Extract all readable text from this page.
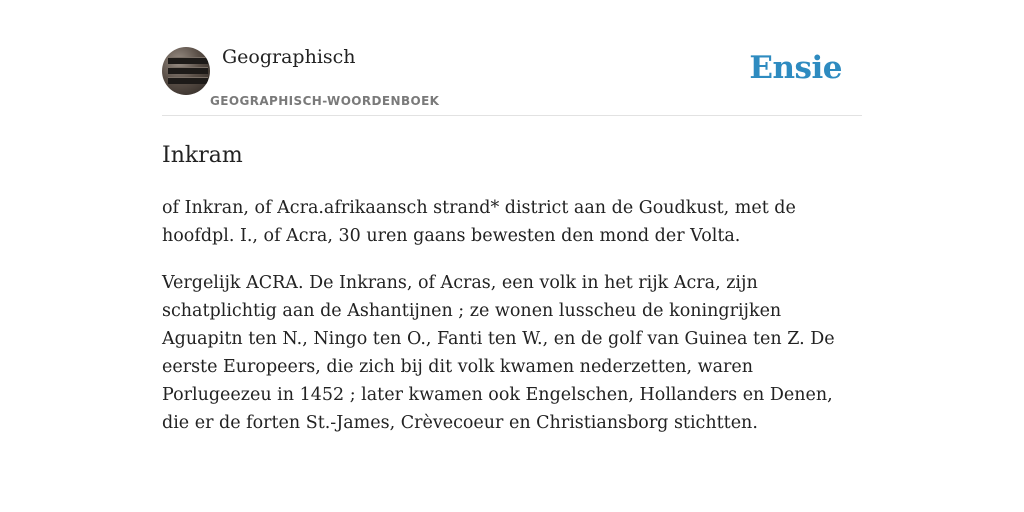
Geographisch
GEOGRAPHISCH-WOORDENBOEK
Ensie
Inkram

of Inkran, of Acra.afrikaansch strand* district aan de Goudkust, met de hoofdpl. I., of Acra, 30 uren gaans bewesten den mond der Volta.

Vergelijk ACRA. De Inkrans, of Acras, een volk in het rijk Acra, zijn schatplichtig aan de Ashantijnen ; ze wonen lusscheu de koningrijken Aguapitn ten N., Ningo ten O., Fanti ten W., en de golf van Guinea ten Z. De eerste Europeers, die zich bij dit volk kwamen nederzetten, waren Porlugeezeu in 1452 ; later kwamen ook Engelschen, Hollanders en Denen, die er de forten St.-James, Crèvecoeur en Christiansborg stichtten.
